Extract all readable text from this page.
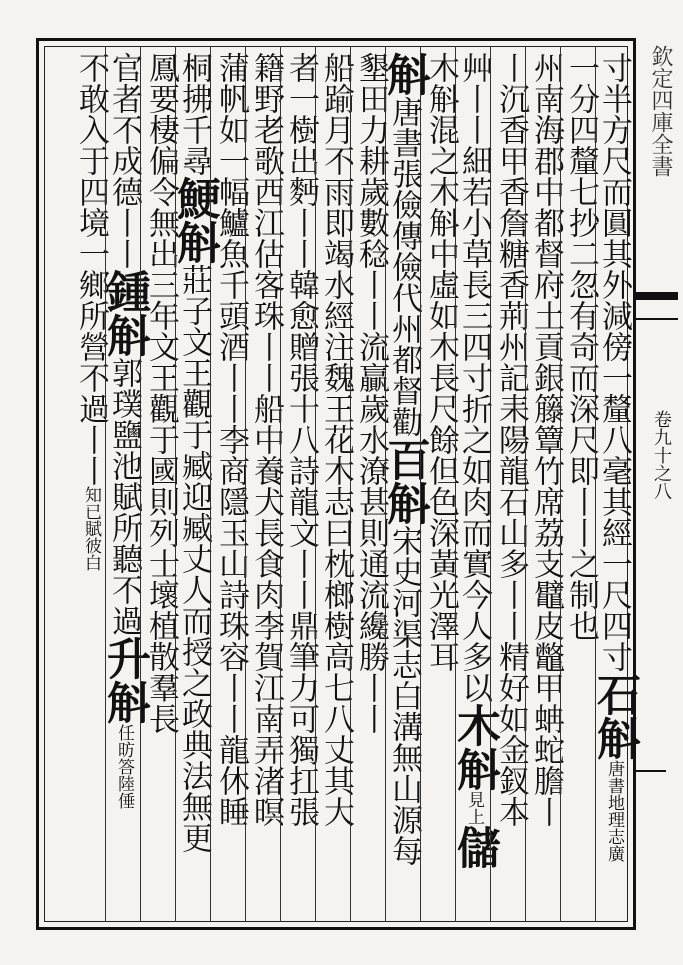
欽定四庫全書
卷九十之八
寸半方尺而圓其外減傍一釐八毫其經一尺四寸石斛唐書地理志廣
一分四釐七抄二忽有奇而深尺即丨丨之制也
州南海郡中都督府土貢銀籐簟竹席荔支鼊皮鼈甲蚺蛇膽丨
丨沉香甲香詹糖香荊州記耒陽龍石山多丨丨精好如金釵本
艸丨丨細若小草長三四寸折之如肉而實今人多以木斛見上儲
木斛混之木斛中虛如木長尺餘但色深黃光澤耳
斛唐書張儉傳儉代州都督勸百斛宋史河渠志白溝無山源每
墾田力耕歲數稔丨丨流贏歲水潦甚則通流纔勝丨丨
船踰月不雨即竭水經注魏王花木志曰枕榔樹高七八丈其大
者一樹出麪丨丨韓愈贈張十八詩龍文丨丨鼎筆力可獨扛張
籍野老歌西江估客珠丨丨船中養犬長食肉李賀江南弄渚暝
蒲帆如一幅鱸魚千頭酒丨丨李商隱玉山詩珠容丨丨龍休睡
桐拂千尋鯁斛莊子文王觀于臧迎臧丈人而授之政典法無更
鳳要棲偏令無出三年文王觀于國則列士壞植散羣長
官者不成德丨丨鍾斛郭璞鹽池賦所聽不過升斛任昉答陸倕
不敢入于四境一鄉所營不過丨丨知已賦彼白
